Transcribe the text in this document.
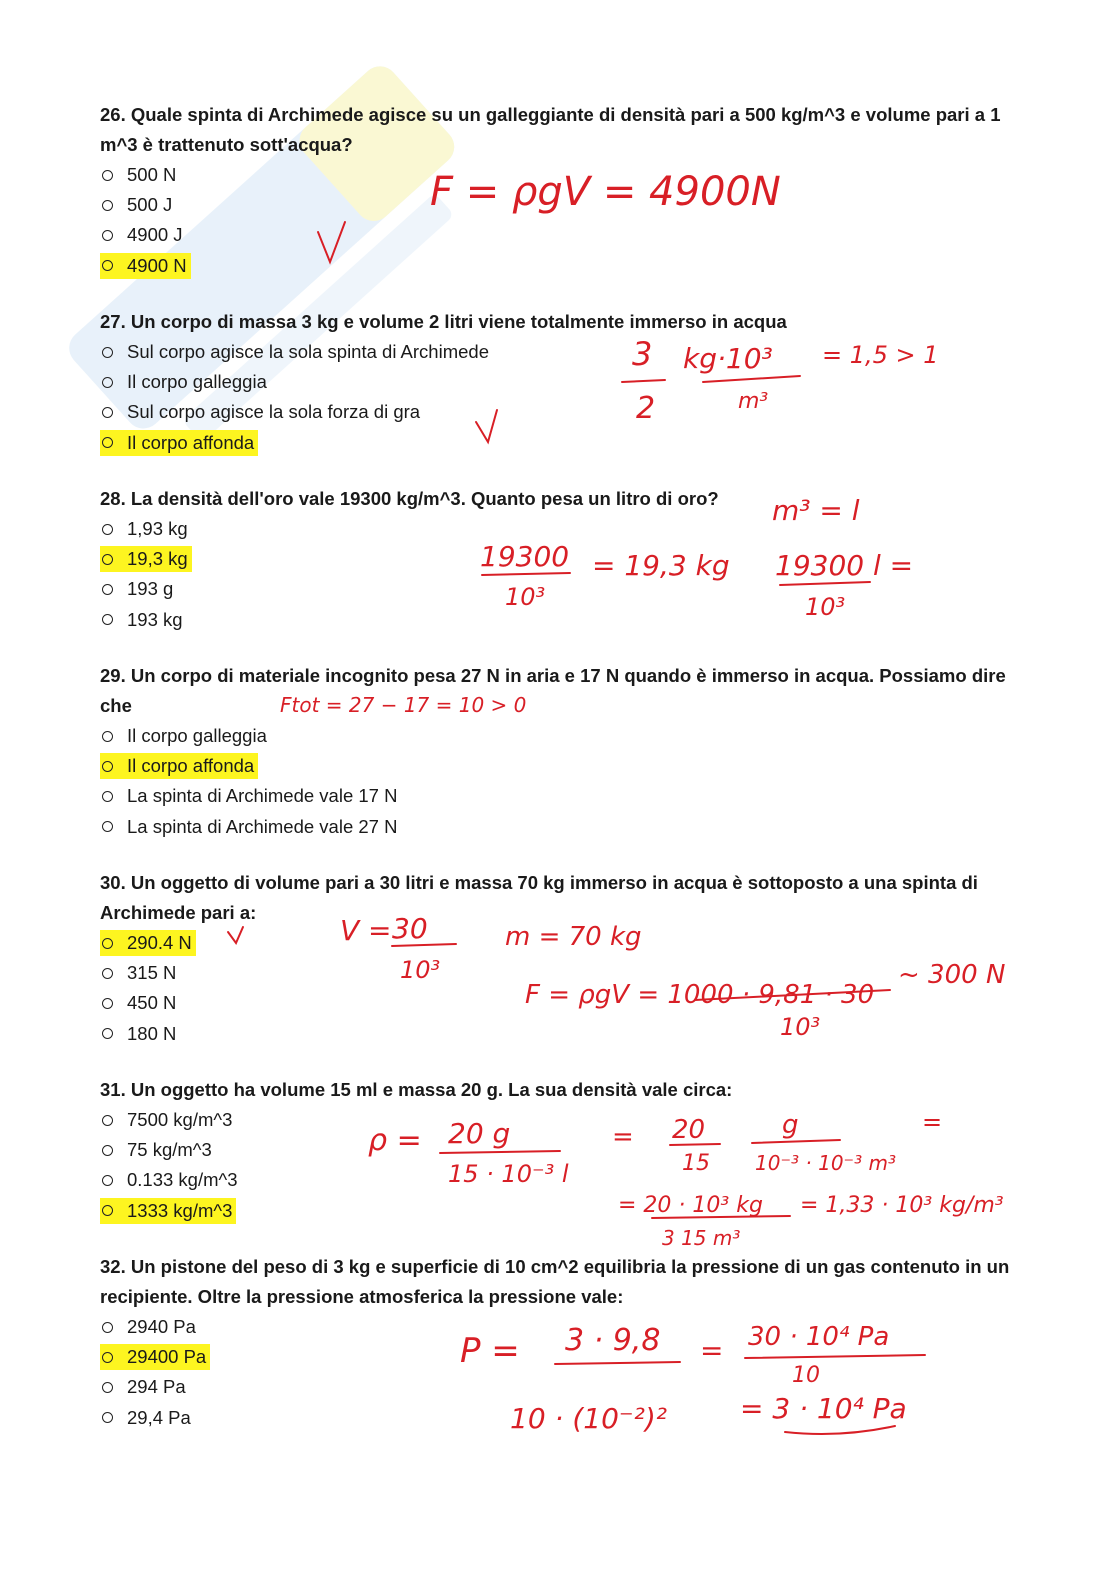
26. Quale spinta di Archimede agisce su un galleggiante di densità pari a 500 kg/m^3 e volume pari a 1 m^3 è trattenuto sott'acqua?

500 N
500 J
4900 J
4900 N

27. Un corpo di massa 3 kg e volume 2 litri viene totalmente immerso in acqua

Sul corpo agisce la sola spinta di Archimede
Il corpo galleggia
Sul corpo agisce la sola forza di gra
Il corpo affonda

28. La densità dell'oro vale 19300 kg/m^3. Quanto pesa un litro di oro?

1,93 kg
19,3 kg
193 g
193 kg

29. Un corpo di materiale incognito pesa 27 N in aria e 17 N quando è immerso in acqua. Possiamo dire che

Il corpo galleggia
Il corpo affonda
La spinta di Archimede vale 17 N
La spinta di Archimede vale 27 N

30. Un oggetto di volume pari a 30 litri e massa 70 kg immerso in acqua è sottoposto a una spinta di Archimede pari a:

290.4 N
315 N
450 N
180 N

31. Un oggetto ha volume 15 ml e massa 20 g. La sua densità vale circa:

7500 kg/m^3
75 kg/m^3
0.133 kg/m^3
1333 kg/m^3

32. Un pistone del peso di 3 kg e superficie di 10 cm^2 equilibria la pressione di un gas contenuto in un recipiente. Oltre la pressione atmosferica la pressione vale:

2940 Pa
29400 Pa
294 Pa
29,4 Pa
F = ρgV = 4900N
3 kg·10³ = 1,5 > 1
2	m³
m³ = l
19300
10³
= 19,3 kg 19300 l =
10³
Ftot = 27 − 17 = 10 > 0
V = 30
10³
m = 70 kg
F = ρgV = 1000 · 9,81 · 30
10³
~ 300 N
ρ = 20 g
15 · 10⁻³ l
= 20
15
g
10⁻³ · 10⁻³ m³
=
= 20 · 10³ kg
3 15 m³
= 1,33 · 10³ kg/m³
P = 3 · 9,8
10 · (10⁻²)²
= 30 · 10⁴ Pa
10
= 3 · 10⁴ Pa
